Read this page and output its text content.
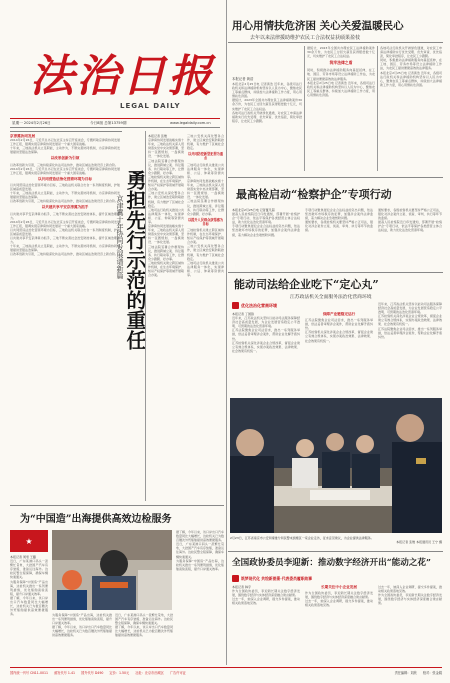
法治日报
LEGAL DAILY
星期一 2024年2月26日	今日8版 总第13759期	www.legaldaily.com.cn
用心用情扶危济困 关心关爱温暖民心
去年以来法律援助维护农民工合法权益获硕果盈枝
本报记者 黄浩
本报北京2月25日电 记者黄浩 近年来，各级司法行政机关和法律援助机构坚持以人民为中心，聚焦农民工等重点群体，持续加大法律援助工作力度，用心用情扶危济困。
据统计，2023年全国共办理农民工法律援助案件30余万件，为农民工讨回欠薪及获得赔偿数十亿元，切实维护了农民工合法权益。
各地司法行政机关开辟绿色通道，对农民工申请法律援助实行优先受理、优先审查、优先指派，简化审批程序，让农民工少跑腿。
据统计，2023年全国共办理农民工法律援助案件30余万件，为农民工讨回欠薪及获得赔偿数十亿元，切实维护了农民工合法权益。
筑牢法律之盾
同时，积极推动法律援助服务向基层延伸，在工地、园区、劳务市场等设立法律援助工作站，为农民工提供便捷高效的法律服务。
本报北京2月25日电 记者黄浩 近年来，各级司法行政机关和法律援助机构坚持以人民为中心，聚焦农民工等重点群体，持续加大法律援助工作力度，用心用情扶危济困。
各地司法行政机关开辟绿色通道，对农民工申请法律援助实行优先受理、优先审查、优先指派，简化审批程序，让农民工少跑腿。
同时，积极推动法律援助服务向基层延伸，在工地、园区、劳务市场等设立法律援助工作站，为农民工提供便捷高效的法律服务。
本报北京2月25日电 记者黄浩 近年来，各级司法行政机关和法律援助机构坚持以人民为中心，聚焦农民工等重点群体，持续加大法律援助工作力度，用心用情扶危济困。
最高检启动“检察护企”专项行动
本报北京2月25日电 记者董凡超
最高人民检察院近日印发通知，部署开展“检察护企”专项行动，依法平等保护各类经营主体合法权益，助力优化法治化营商环境。
专项行动聚焦侵犯企业合法权益的突出问题，依法惩治破坏市场秩序的犯罪，加强涉企案件法律监督，着力解决企业急难愁盼问题。
专项行动聚焦侵犯企业合法权益的突出问题，依法惩治破坏市场秩序的犯罪，加强涉企案件法律监督，着力解决企业急难愁盼问题。
通知要求，各级检察机关要坚持严格公正司法，强化对涉企案件立案、侦查、审判、执行等环节的监督。
通知要求，各级检察机关要坚持严格公正司法，强化对涉企案件立案、侦查、审判、执行等环节的监督。
最高人民检察院近日印发通知，部署开展“检察护企”专项行动，依法平等保护各类经营主体合法权益，助力优化法治化营商环境。
能动司法给企业吃下“定心丸”
江苏政法机关全面服务法治化营商环境
优化法治化营商环境
本报记者 丁国锋
近年来，江苏政法机关坚持以能动司法服务保障经济社会高质量发展，为企业发展营造稳定公平透明、可预期的法治化营商环境。
江苏法院聚焦企业司法需求，推出一系列服务举措，依法妥善审理涉企案件，帮助企业化解矛盾纠纷。
江苏检察机关深化涉案企业合规改革，督促企业建立有效合规体系，实现办案政治效果、法律效果、社会效果有机统一。
保障产业链稳定运行
江苏法院聚焦企业司法需求，推出一系列服务举措，依法妥善审理涉企案件，帮助企业化解矛盾纠纷。
江苏检察机关深化涉案企业合规改革，督促企业建立有效合规体系，实现办案政治效果、法律效果、社会效果有机统一。
近年来，江苏政法机关坚持以能动司法服务保障经济社会高质量发展，为企业发展营造稳定公平透明、可预期的法治化营商环境。
江苏检察机关深化涉案企业合规改革，督促企业建立有效合规体系，实现办案政治效果、法律效果、社会效果有机统一。
江苏法院聚焦企业司法需求，推出一系列服务举措，依法妥善审理涉企案件，帮助企业化解矛盾纠纷。
2月23日，江苏省南京市公安局秦淮分局民警来到辖区一家企业走访，征求意见建议，为企业提供法律服务。
本报记者 张维 本报通讯员 王宁 摄
全国政协委员李迎新：推动数字经济开出“能动之花”
筑梦现代化 共绘新图景·代表委员履职故事
本报记者 韩宇
作为全国政协委员，李迎新长期关注数字经济发展，围绕数字经济与实体经济深度融合建言献策。
过去一年，她深入企业调研，提交多件提案，推动相关政策落地见效。
长期关注中小企业发展
作为全国政协委员，李迎新长期关注数字经济发展，围绕数字经济与实体经济深度融合建言献策。
过去一年，她深入企业调研，提交多件提案，推动相关政策落地见效。
过去一年，她深入企业调研，提交多件提案，推动相关政策落地见效。
作为全国政协委员，李迎新长期关注数字经济发展，围绕数字经济与实体经济深度融合建言献策。
京津冀协同发展
2014年2月26日，习近平总书记在北京主持召开座谈会，专题听取京津冀协同发展工作汇报，强调实现京津冀协同发展是一个重大国家战略。
十年来，三地政法机关立足职能，主动作为，不断完善协同机制，为京津冀协同发展提供坚强法治保障。
以改革创新为引领
以改革创新为引领，三地持续深化执法司法协作，推动区域法治建设迈上新台阶。
2014年2月26日，习近平总书记在北京主持召开座谈会，专题听取京津冀协同发展工作汇报，强调实现京津冀协同发展是一个重大国家战略。
以共同营造法治化营商环境为目标
以共同营造法治化营商环境为目标，三地政法机关联合出台一系列制度机制，护航区域高质量发展。
十年来，三地政法机关立足职能，主动作为，不断完善协同机制，为京津冀协同发展提供坚强法治保障。
以改革创新为引领，三地持续深化执法司法协作，推动区域法治建设迈上新台阶。
以共建共享平安京津冀为抓手
以共建共享平安京津冀为抓手，三地不断完善社会治安防控体系，提升区域治理能力。
2014年2月26日，习近平总书记在北京主持召开座谈会，专题听取京津冀协同发展工作汇报，强调实现京津冀协同发展是一个重大国家战略。
以共同营造法治化营商环境为目标，三地政法机关联合出台一系列制度机制，护航区域高质量发展。
以共建共享平安京津冀为抓手，三地不断完善社会治安防控体系，提升区域治理能力。
十年来，三地政法机关立足职能，主动作为，不断完善协同机制，为京津冀协同发展提供坚强法治保障。
以改革创新为引领，三地持续深化执法司法协作，推动区域法治建设迈上新台阶。 勇担先行示范的重任
京津冀十年协同发展谱新篇
本报记者 张维
京津冀协同发展战略实施十年来，三地政法机关深入贯彻落实党中央决策部署，坚持一张图规划、一盘棋建设、一体化发展。
三地法院签署合作框架协议，推进跨域立案、诉讼服务、执行联动等工作，让群众少跑腿、好办事。
三地检察机关建立跨区域协作机制，在生态环境保护、知识产权保护等领域开展联合办案。
三地公安机关深化警务合作，建立区域治安联防联控机制，有力维护了区域社会稳定。
三地司法行政机关推进公共法律服务一体化，实现律师、公证、仲裁等资源共享。
京津冀协同发展战略实施十年来，三地政法机关深入贯彻落实党中央决策部署，坚持一张图规划、一盘棋建设、一体化发展。
三地法院签署合作框架协议，推进跨域立案、诉讼服务、执行联动等工作，让群众少跑腿、好办事。
三地检察机关建立跨区域协作机制，在生态环境保护、知识产权保护等领域开展联合办案。
三地公安机关深化警务合作，建立区域治安联防联控机制，有力维护了区域社会稳定。
以共同防控新型犯罪为重点
三地司法行政机关推进公共法律服务一体化，实现律师、公证、仲裁等资源共享。
京津冀协同发展战略实施十年来，三地政法机关深入贯彻落实党中央决策部署，坚持一张图规划、一盘棋建设、一体化发展。
三地法院签署合作框架协议，推进跨域立案、诉讼服务、执行联动等工作，让群众少跑腿、好办事。
以提升人民群众获得感为目标
三地检察机关建立跨区域协作机制，在生态环境保护、知识产权保护等领域开展联合办案。
三地公安机关深化警务合作，建立区域治安联防联控机制，有力维护了区域社会稳定。
三地司法行政机关推进公共法律服务一体化，实现律师、公证、仲裁等资源共享。
为“中国造”出海提供高效边检服务
★
本报记者 周雯 王璐
近日，广东某港口码头一派繁忙景象，大批国产汽车有序装船，准备运往海外。边检民警全程保障，确保车辆快速通关。
为服务保障“中国造”产品出海，边检机关推出一系列便利措施，优化船舶查验流程，提升口岸通关效率。
据了解，今年以来，该口岸出口汽车数量同比大幅增长，边检机关已为数百艘次外贸船舶提供高效便捷服务。	为服务保障“中国造”产品出海，边检机关推出一系列便利措施，优化船舶查验流程，提升口岸通关效率。
据了解，今年以来，该口岸出口汽车数量同比大幅增长，边检机关已为数百艘次外贸船舶提供高效便捷服务。
近日，广东某港口码头一派繁忙景象，大批国产汽车有序装船，准备运往海外。边检民警全程保障，确保车辆快速通关。
据了解，今年以来，该口岸出口汽车数量同比大幅增长，边检机关已为数百艘次外贸船舶提供高效便捷服务。
据了解，今年以来，该口岸出口汽车数量同比大幅增长，边检机关已为数百艘次外贸船舶提供高效便捷服务。
近日，广东某港口码头一派繁忙景象，大批国产汽车有序装船，准备运往海外。边检民警全程保障，确保车辆快速通关。
为服务保障“中国造”产品出海，边检机关推出一系列便利措施，优化船舶查验流程，提升口岸通关效率。
国内统一刊号 CN11-0011 邮发代号 1-41 国外代号 D490 定价：1.50元 社址：北京市西城区 广告许可证	责任编辑：刘欣 校对：张金娟
